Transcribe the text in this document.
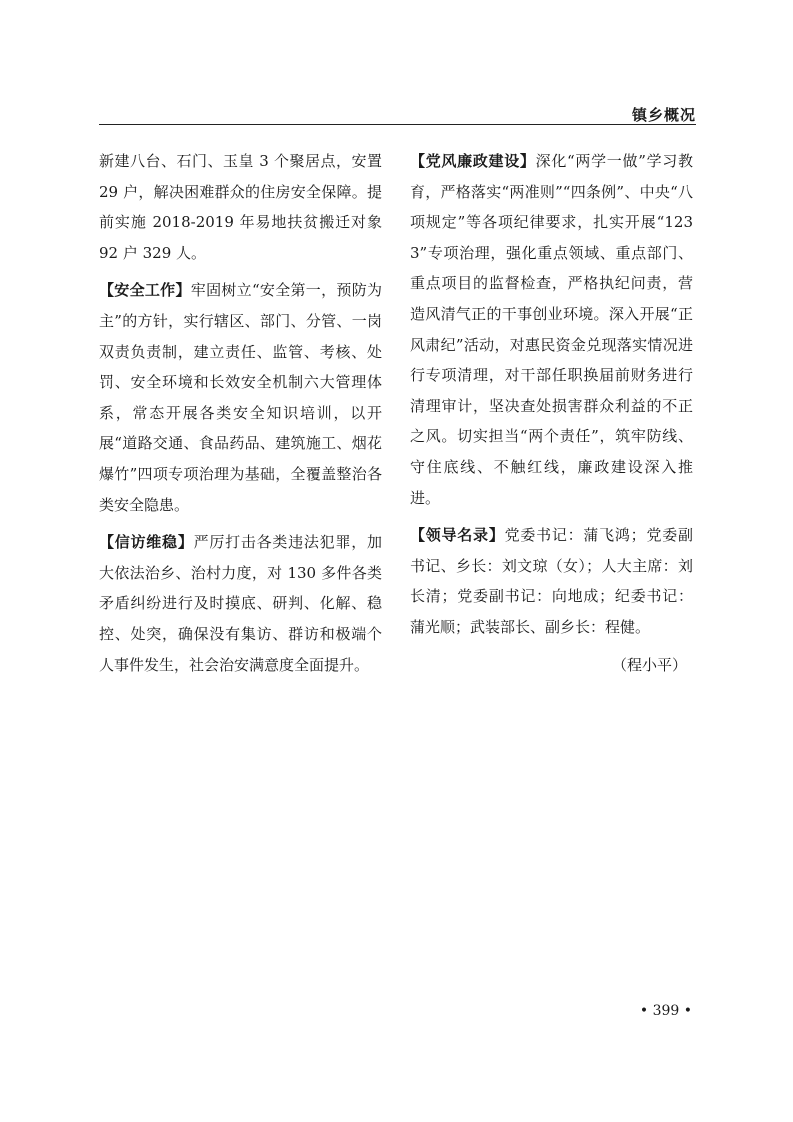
镇乡概况

新建八台、石门、玉皇 3 个聚居点，安置 29 户，解决困难群众的住房安全保障。提前实施 2018-2019 年易地扶贫搬迁对象 92 户 329 人。

【安全工作】牢固树立“安全第一，预防为主”的方针，实行辖区、部门、分管、一岗双责负责制，建立责任、监管、考核、处罚、安全环境和长效安全机制六大管理体系，常态开展各类安全知识培训，以开展“道路交通、食品药品、建筑施工、烟花爆竹”四项专项治理为基础，全覆盖整治各类安全隐患。

【信访维稳】严厉打击各类违法犯罪，加大依法治乡、治村力度，对 130 多件各类矛盾纠纷进行及时摸底、研判、化解、稳控、处突，确保没有集访、群访和极端个人事件发生，社会治安满意度全面提升。

【党风廉政建设】深化“两学一做”学习教育，严格落实“两准则”“四条例”、中央“八项规定”等各项纪律要求，扎实开展“1233”专项治理，强化重点领域、重点部门、重点项目的监督检查，严格执纪问责，营造风清气正的干事创业环境。深入开展“正风肃纪”活动，对惠民资金兑现落实情况进行专项清理，对干部任职换届前财务进行清理审计，坚决查处损害群众利益的不正之风。切实担当“两个责任”，筑牢防线、守住底线、不触红线，廉政建设深入推进。

【领导名录】党委书记：蒲飞鸿；党委副书记、乡长：刘文琼（女）；人大主席：刘长清；党委副书记：向地成；纪委书记：蒲光顺；武装部长、副乡长：程健。

（程小平）

• 399 •
